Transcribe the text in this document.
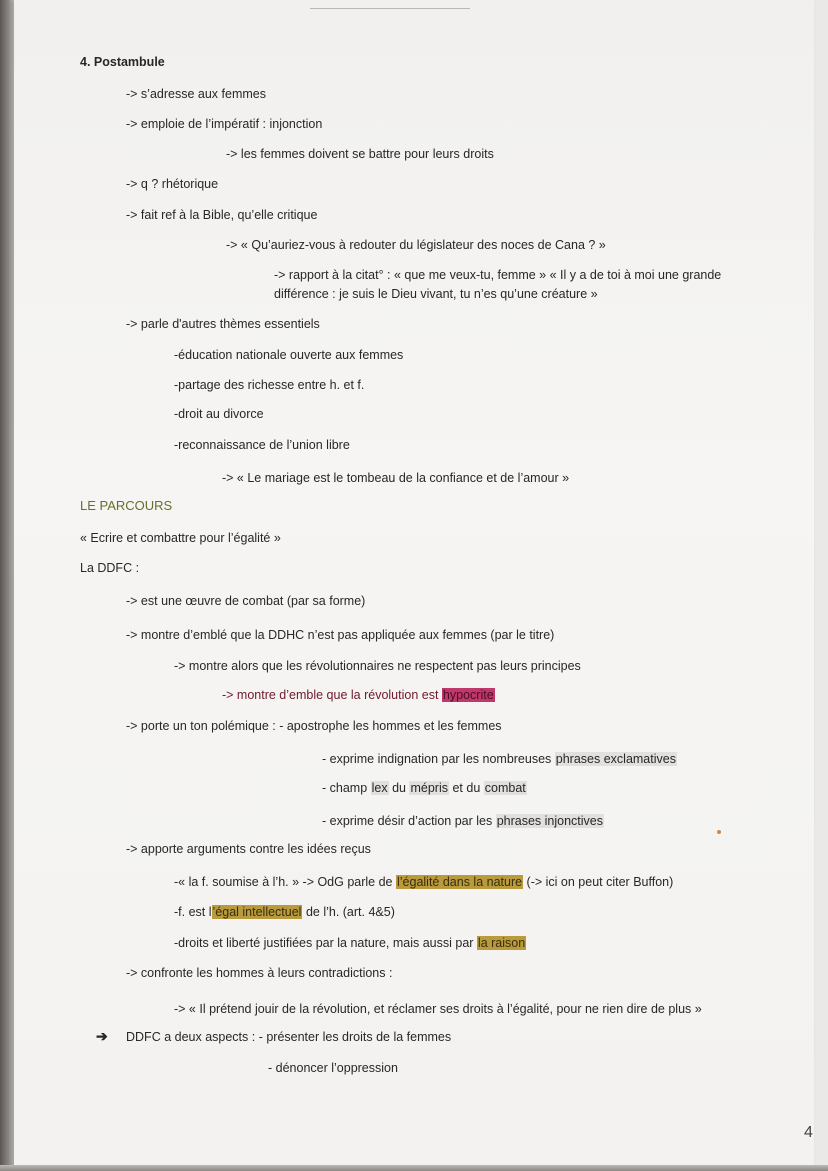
4. Postambule
-> s’adresse aux femmes
-> emploie de l’impératif : injonction
-> les femmes doivent se battre pour leurs droits
-> q ? rhétorique
-> fait ref à la Bible, qu’elle critique
-> « Qu’auriez-vous à redouter du législateur des noces de Cana ? »
-> rapport à la citat° : « que me veux-tu, femme » « Il y a de toi à moi une grande
différence : je suis le Dieu vivant, tu n’es qu’une créature »
-> parle d'autres thèmes essentiels
-éducation nationale ouverte aux femmes
-partage des richesse entre h. et f.
-droit au divorce
-reconnaissance de l’union libre
-> « Le mariage est le tombeau de la confiance et de l’amour »
LE PARCOURS
« Ecrire et combattre pour l’égalité »
La DDFC :
-> est une œuvre de combat (par sa forme)
-> montre d’emblé que la DDHC n’est pas appliquée aux femmes (par le titre)
-> montre alors que les révolutionnaires ne respectent pas leurs principes
-> montre d’emble que la révolution est hypocrite
-> porte un ton polémique : - apostrophe les hommes et les femmes
- exprime indignation par les nombreuses phrases exclamatives
- champ lex du mépris et du combat
- exprime désir d’action par les phrases injonctives
-> apporte arguments contre les idées reçus
-« la f. soumise à l’h. » -> OdG parle de l’égalité dans la nature (-> ici on peut citer Buffon)
-f. est l’égal intellectuel de l’h. (art. 4&5)
-droits et liberté justifiées par la nature, mais aussi par la raison
-> confronte les hommes à leurs contradictions :
-> « Il prétend jouir de la révolution, et réclamer ses droits à l’égalité, pour ne rien dire de plus »
➔ DDFC a deux aspects : - présenter les droits de la femmes
- dénoncer l’oppression
4
